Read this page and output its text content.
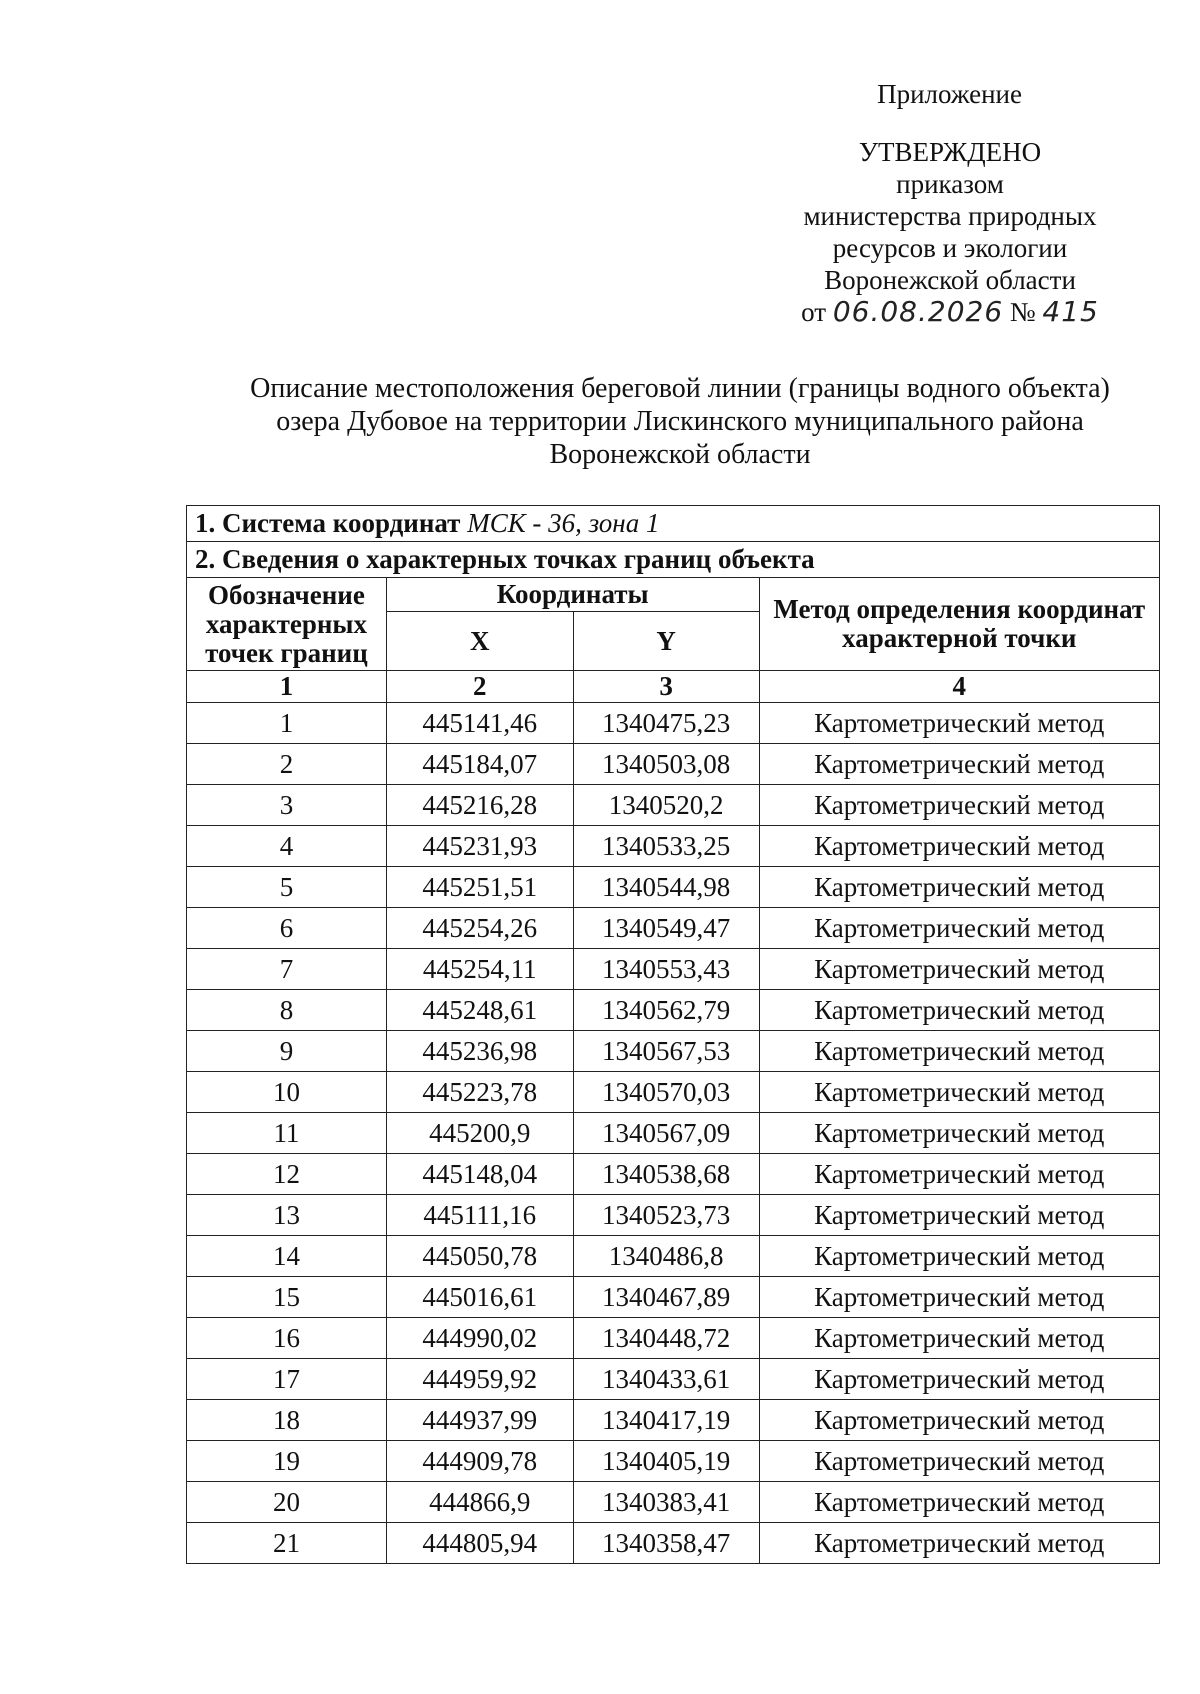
Приложение
УТВЕРЖДЕНО
приказом
министерства природных
ресурсов и экологии
Воронежской области
от 06.08.2026 № 415
Описание местоположения береговой линии (границы водного объекта)
озера Дубовое на территории Лискинского муниципального района
Воронежской области
1. Система координат МСК - 36, зона 1			
2. Сведения о характерных точках границ объекта			
Обозначение характерных точек границ	Координаты		Метод определения координат характерной точки
	X	Y	
1	2	3	4
1	445141,46	1340475,23	Картометрический метод
2	445184,07	1340503,08	Картометрический метод
3	445216,28	1340520,2	Картометрический метод
4	445231,93	1340533,25	Картометрический метод
5	445251,51	1340544,98	Картометрический метод
6	445254,26	1340549,47	Картометрический метод
7	445254,11	1340553,43	Картометрический метод
8	445248,61	1340562,79	Картометрический метод
9	445236,98	1340567,53	Картометрический метод
10	445223,78	1340570,03	Картометрический метод
11	445200,9	1340567,09	Картометрический метод
12	445148,04	1340538,68	Картометрический метод
13	445111,16	1340523,73	Картометрический метод
14	445050,78	1340486,8	Картометрический метод
15	445016,61	1340467,89	Картометрический метод
16	444990,02	1340448,72	Картометрический метод
17	444959,92	1340433,61	Картометрический метод
18	444937,99	1340417,19	Картометрический метод
19	444909,78	1340405,19	Картометрический метод
20	444866,9	1340383,41	Картометрический метод
21	444805,94	1340358,47	Картометрический метод
